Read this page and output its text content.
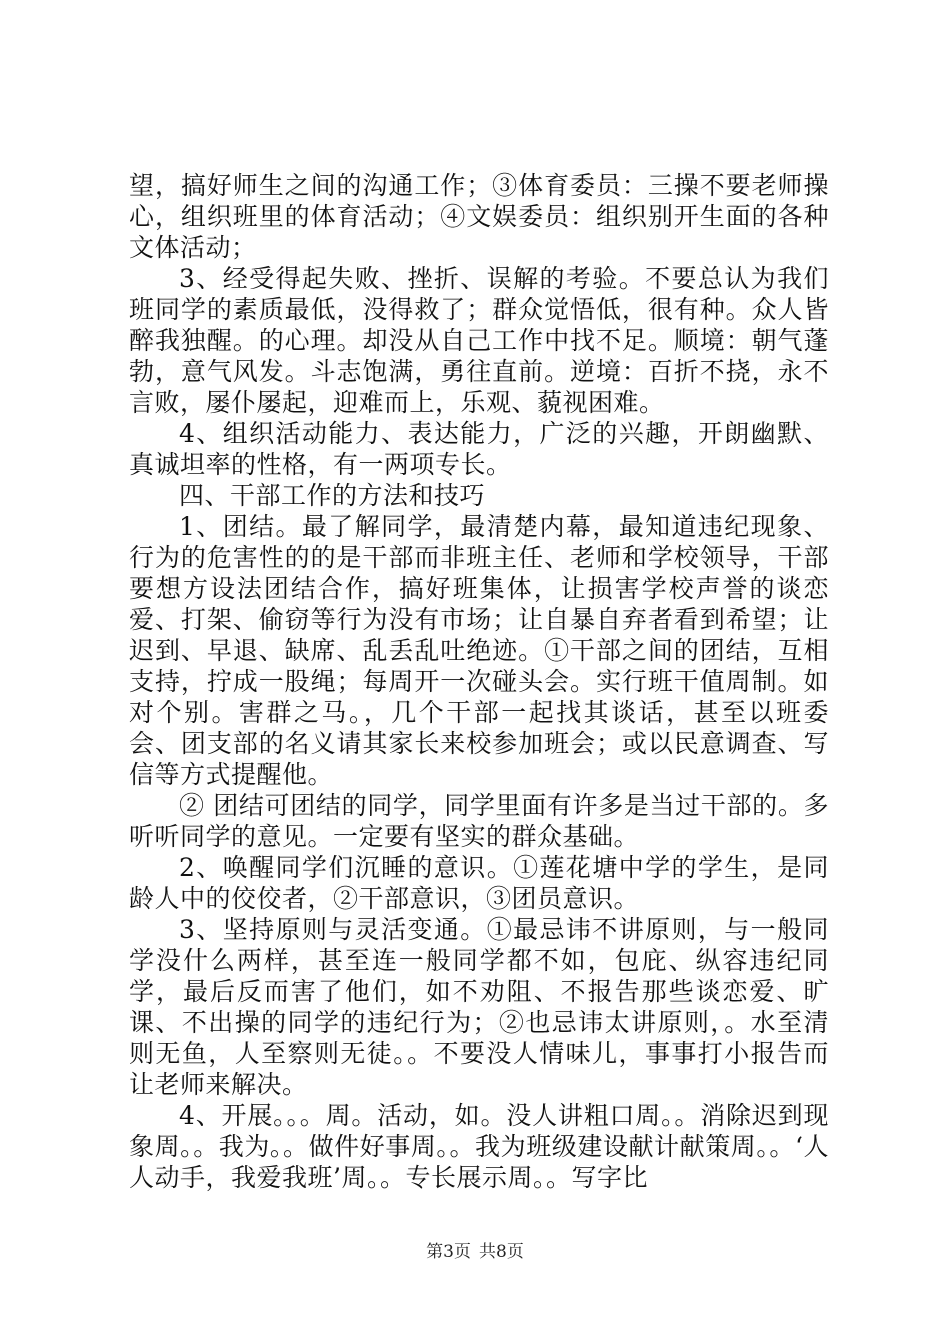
望，搞好师生之间的沟通工作；③体育委员：三操不要老师操心，组织班里的体育活动；④文娱委员：组织别开生面的各种文体活动；

3、经受得起失败、挫折、误解的考验。不要总认为我们班同学的素质最低，没得救了；群众觉悟低，很有种。众人皆醉我独醒。的心理。却没从自己工作中找不足。顺境：朝气蓬勃，意气风发。斗志饱满，勇往直前。逆境：百折不挠，永不言败，屡仆屡起，迎难而上，乐观、藐视困难。

4、组织活动能力、表达能力，广泛的兴趣，开朗幽默、真诚坦率的性格，有一两项专长。

四、干部工作的方法和技巧

1、团结。最了解同学，最清楚内幕，最知道违纪现象、行为的危害性的的是干部而非班主任、老师和学校领导，干部要想方设法团结合作，搞好班集体，让损害学校声誉的谈恋爱、打架、偷窃等行为没有市场；让自暴自弃者看到希望；让迟到、早退、缺席、乱丢乱吐绝迹。①干部之间的团结，互相支持，拧成一股绳；每周开一次碰头会。实行班干值周制。如对个别。害群之马。，几个干部一起找其谈话，甚至以班委会、团支部的名义请其家长来校参加班会；或以民意调查、写信等方式提醒他。

② 团结可团结的同学，同学里面有许多是当过干部的。多听听同学的意见。一定要有坚实的群众基础。

2、唤醒同学们沉睡的意识。①莲花塘中学的学生，是同龄人中的佼佼者，②干部意识，③团员意识。

3、坚持原则与灵活变通。①最忌讳不讲原则，与一般同学没什么两样，甚至连一般同学都不如，包庇、纵容违纪同学，最后反而害了他们，如不劝阻、不报告那些谈恋爱、旷课、不出操的同学的违纪行为；②也忌讳太讲原则，。水至清则无鱼，人至察则无徒。。不要没人情味儿，事事打小报告而让老师来解决。

4、开展。。。周。活动，如。没人讲粗口周。。消除迟到现象周。。我为。。做件好事周。。我为班级建设献计献策周。。‘人人动手，我爱我班’周。。专长展示周。。写字比

第3页 共8页
